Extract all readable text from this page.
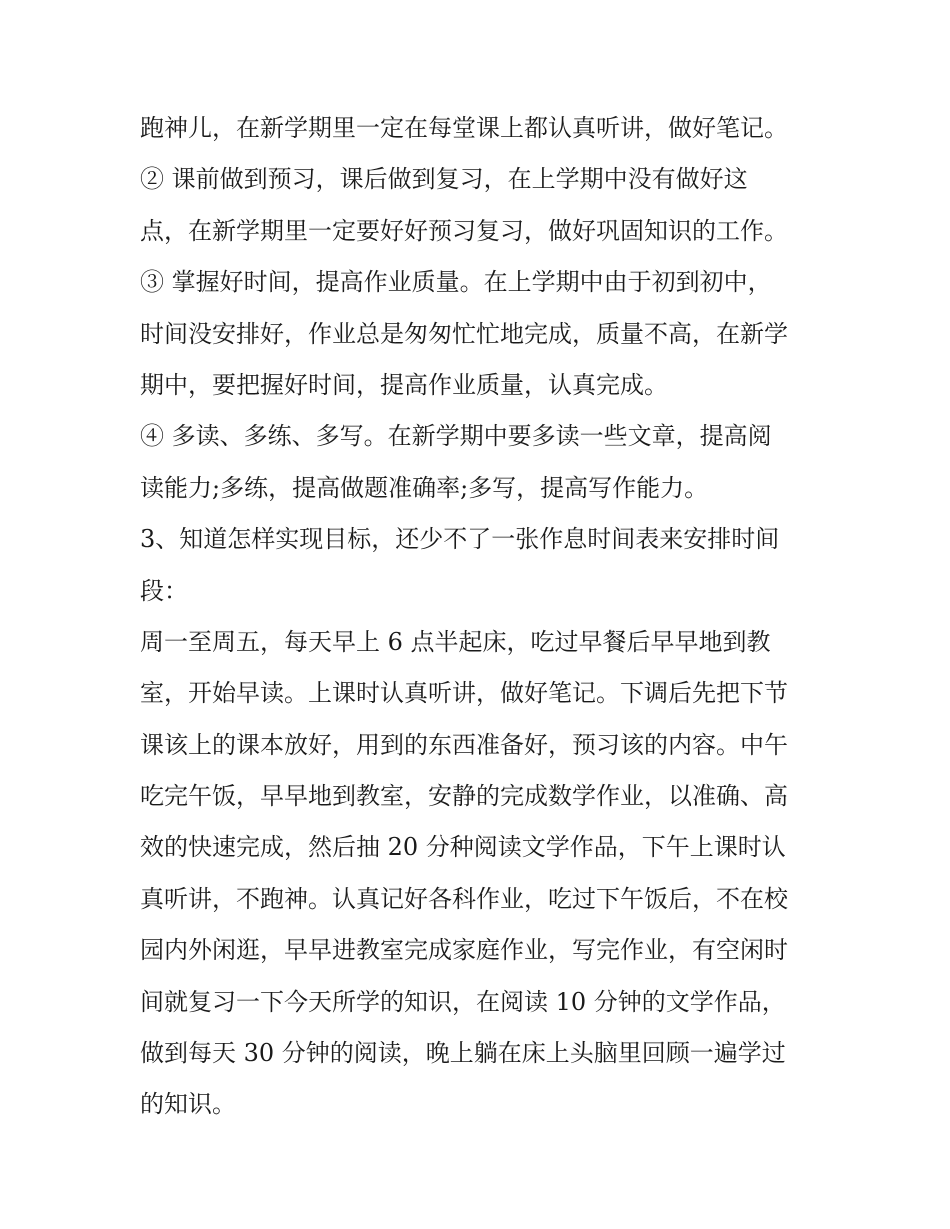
跑神儿，在新学期里一定在每堂课上都认真听讲，做好笔记。
② 课前做到预习，课后做到复习，在上学期中没有做好这
点，在新学期里一定要好好预习复习，做好巩固知识的工作。
③ 掌握好时间，提高作业质量。在上学期中由于初到初中，
时间没安排好，作业总是匆匆忙忙地完成，质量不高，在新学
期中，要把握好时间，提高作业质量，认真完成。
④ 多读、多练、多写。在新学期中要多读一些文章，提高阅
读能力;多练，提高做题准确率;多写，提高写作能力。
3、知道怎样实现目标，还少不了一张作息时间表来安排时间
段：
周一至周五，每天早上 6 点半起床，吃过早餐后早早地到教
室，开始早读。上课时认真听讲，做好笔记。下调后先把下节
课该上的课本放好，用到的东西准备好，预习该的内容。中午
吃完午饭，早早地到教室，安静的完成数学作业，以准确、高
效的快速完成，然后抽 20 分种阅读文学作品，下午上课时认
真听讲，不跑神。认真记好各科作业，吃过下午饭后，不在校
园内外闲逛，早早进教室完成家庭作业，写完作业，有空闲时
间就复习一下今天所学的知识，在阅读 10 分钟的文学作品，
做到每天 30 分钟的阅读，晚上躺在床上头脑里回顾一遍学过
的知识。
